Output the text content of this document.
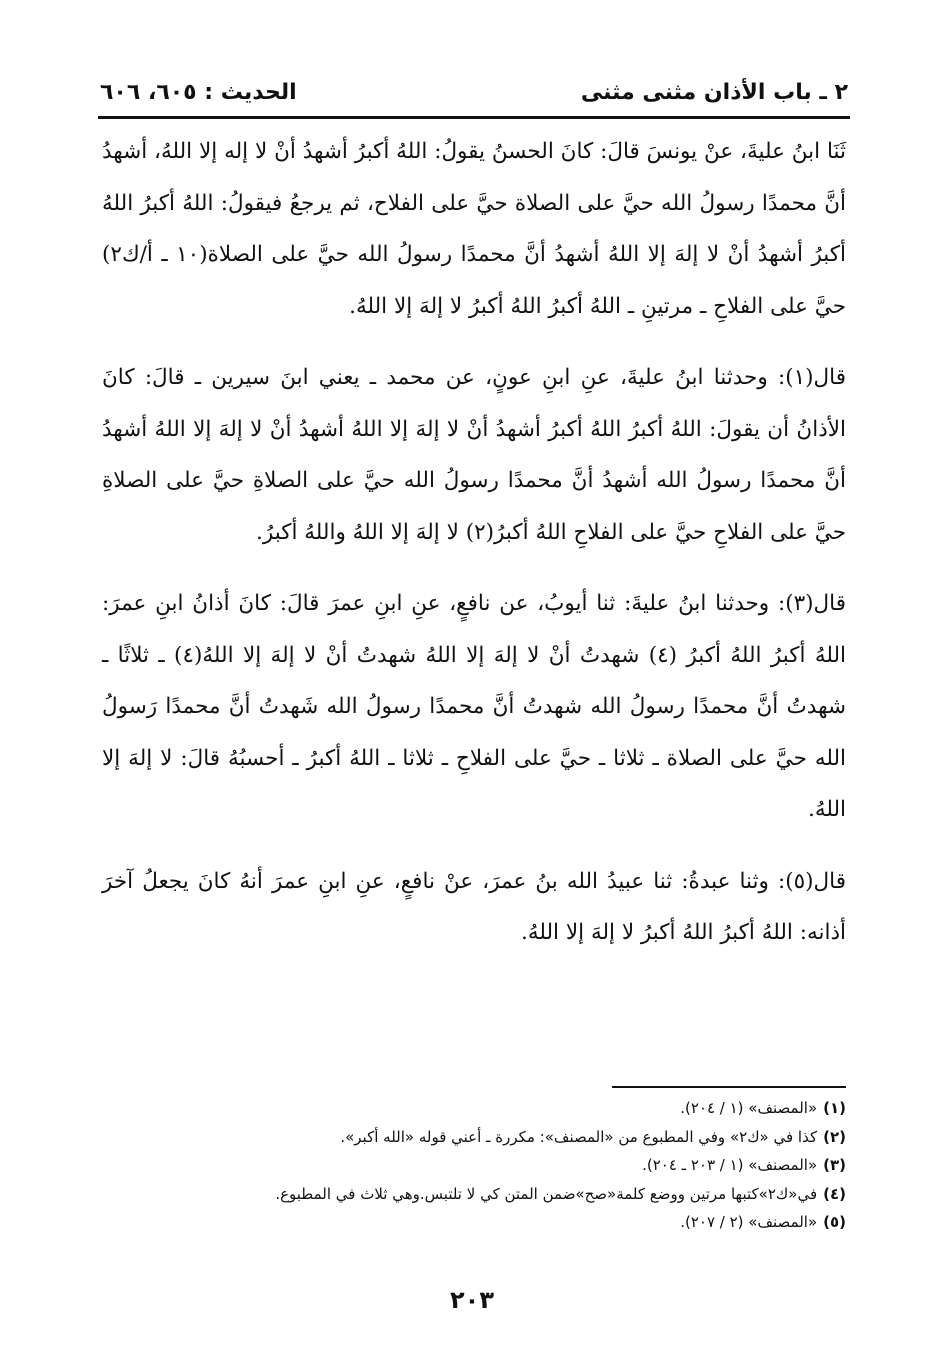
٢ ـ باب الأذان مثنى مثنى
الحديث : ٦٠٥، ٦٠٦

ثَنَا ابنُ عليةَ، عنْ يونسَ قالَ: كانَ الحسنُ يقولُ: اللهُ أكبرُ أشهدُ أنْ لا إله إلا اللهُ، أشهدُ أنَّ محمدًا رسولُ الله حيَّ على الصلاة حيَّ على الفلاح، ثم يرجعُ فيقولُ: اللهُ أكبرُ اللهُ أكبرُ أشهدُ أنْ لا إلهَ إلا اللهُ أشهدُ أنَّ محمدًا رسولُ الله حيَّ على الصلاة(١٠ ـ أ/ك٢) حيَّ على الفلاحِ ـ مرتينِ ـ اللهُ أكبرُ اللهُ أكبرُ لا إلهَ إلا اللهُ.

قال(١): وحدثنا ابنُ عليةَ، عنِ ابنِ عونٍ، عن محمد ـ يعني ابنَ سيرين ـ قالَ: كانَ الأذانُ أن يقولَ: اللهُ أكبرُ اللهُ أكبرُ أشهدُ أنْ لا إلهَ إلا اللهُ أشهدُ أنْ لا إلهَ إلا اللهُ أشهدُ أنَّ محمدًا رسولُ الله أشهدُ أنَّ محمدًا رسولُ الله حيَّ على الصلاةِ حيَّ على الصلاةِ حيَّ على الفلاحِ حيَّ على الفلاحِ اللهُ أكبرُ(٢) لا إلهَ إلا اللهُ واللهُ أكبرُ.

قال(٣): وحدثنا ابنُ عليةَ: ثنا أيوبُ، عن نافعٍ، عنِ ابنِ عمرَ قالَ: كانَ أذانُ ابنِ عمرَ: اللهُ أكبرُ اللهُ أكبرُ (٤) شهدتُ أنْ لا إلهَ إلا اللهُ شهدتُ أنْ لا إلهَ إلا اللهُ(٤) ـ ثلاثًا ـ شهدتُ أنَّ محمدًا رسولُ الله شهدتُ أنَّ محمدًا رسولُ الله شَهدتُ أنَّ محمدًا رَسولُ الله حيَّ على الصلاة ـ ثلاثا ـ حيَّ على الفلاحِ ـ ثلاثا ـ اللهُ أكبرُ ـ أحسبُهُ قالَ: لا إلهَ إلا اللهُ.

قال(٥): وثنا عبدةُ: ثنا عبيدُ الله بنُ عمرَ، عنْ نافعٍ، عنِ ابنِ عمرَ أنهُ كانَ يجعلُ آخرَ أذانه: اللهُ أكبرُ اللهُ أكبرُ لا إلهَ إلا اللهُ.

(١)«المصنف» (١ / ٢٠٤).

(٢)كذا في «ك٢» وفي المطبوع من «المصنف»: مكررة ـ أعني قوله «الله أكبر».

(٣)«المصنف» (١ / ٢٠٣ ـ ٢٠٤).

(٤)في«ك٢»كتبها مرتين ووضع كلمة«صح»ضمن المتن كي لا تلتبس.وهي ثلاث في المطبوع.

(٥)«المصنف» (٢ / ٢٠٧).

٢٠٣
